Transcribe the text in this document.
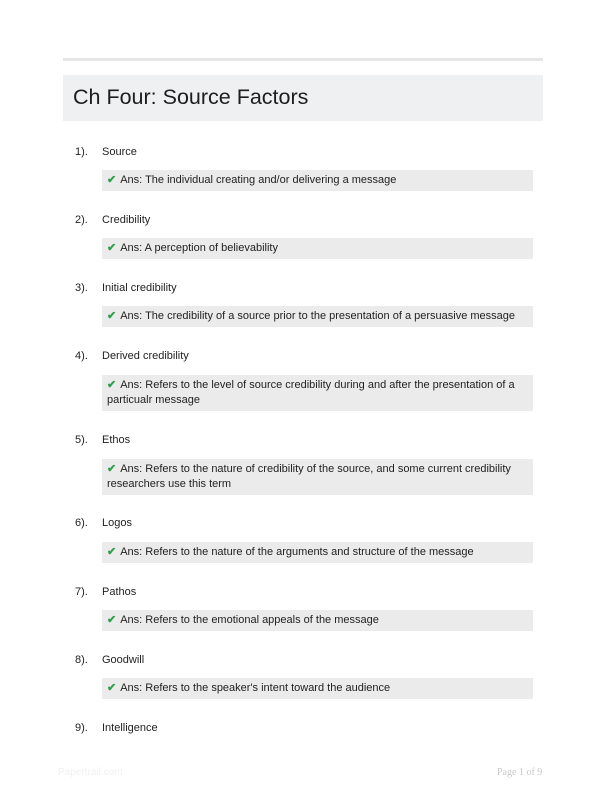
Ch Four: Source Factors
1). Source
✔ Ans: The individual creating and/or delivering a message
2). Credibility
✔ Ans: A perception of believability
3). Initial credibility
✔ Ans: The credibility of a source prior to the presentation of a persuasive message
4). Derived credibility
✔ Ans: Refers to the level of source credibility during and after the presentation of a particualr message
5). Ethos
✔ Ans: Refers to the nature of credibility of the source, and some current credibility researchers use this term
6). Logos
✔ Ans: Refers to the nature of the arguments and structure of the message
7). Pathos
✔ Ans: Refers to the emotional appeals of the message
8). Goodwill
✔ Ans: Refers to the speaker's intent toward the audience
9). Intelligence
Papertrail.com	Page 1 of 9
